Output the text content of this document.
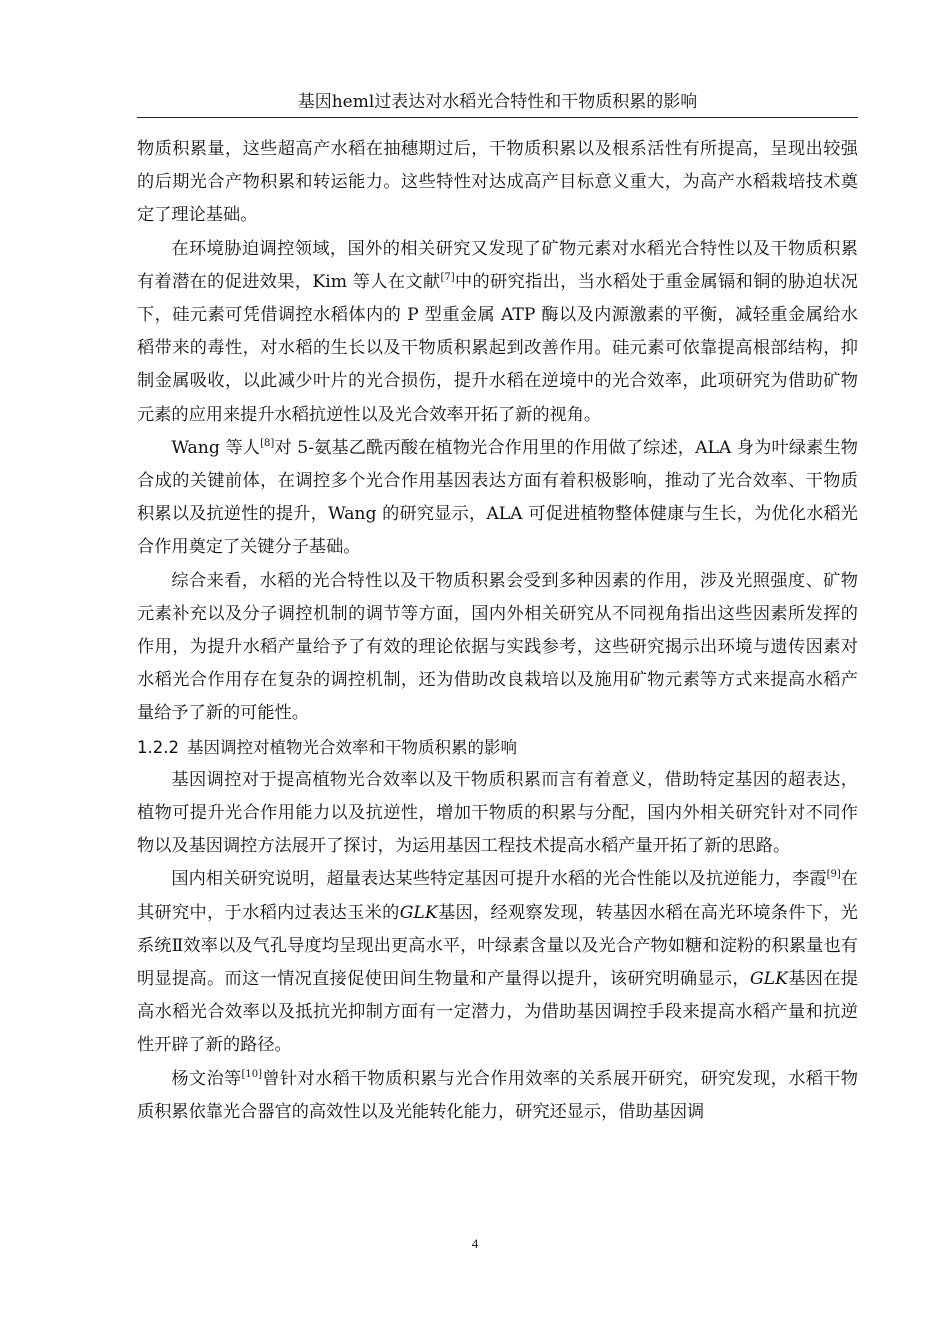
基因heml过表达对水稻光合特性和干物质积累的影响

物质积累量，这些超高产水稻在抽穗期过后，干物质积累以及根系活性有所提高，呈现出较强的后期光合产物积累和转运能力。这些特性对达成高产目标意义重大，为高产水稻栽培技术奠定了理论基础。

在环境胁迫调控领域，国外的相关研究又发现了矿物元素对水稻光合特性以及干物质积累有着潜在的促进效果，Kim 等人在文献[7]中的研究指出，当水稻处于重金属镉和铜的胁迫状况下，硅元素可凭借调控水稻体内的 P 型重金属 ATP 酶以及内源激素的平衡，减轻重金属给水稻带来的毒性，对水稻的生长以及干物质积累起到改善作用。硅元素可依靠提高根部结构，抑制金属吸收，以此减少叶片的光合损伤，提升水稻在逆境中的光合效率，此项研究为借助矿物元素的应用来提升水稻抗逆性以及光合效率开拓了新的视角。

Wang 等人[8]对 5-氨基乙酰丙酸在植物光合作用里的作用做了综述，ALA 身为叶绿素生物合成的关键前体，在调控多个光合作用基因表达方面有着积极影响，推动了光合效率、干物质积累以及抗逆性的提升，Wang 的研究显示，ALA 可促进植物整体健康与生长，为优化水稻光合作用奠定了关键分子基础。

综合来看，水稻的光合特性以及干物质积累会受到多种因素的作用，涉及光照强度、矿物元素补充以及分子调控机制的调节等方面，国内外相关研究从不同视角指出这些因素所发挥的作用，为提升水稻产量给予了有效的理论依据与实践参考，这些研究揭示出环境与遗传因素对水稻光合作用存在复杂的调控机制，还为借助改良栽培以及施用矿物元素等方式来提高水稻产量给予了新的可能性。

1.2.2 基因调控对植物光合效率和干物质积累的影响

基因调控对于提高植物光合效率以及干物质积累而言有着意义，借助特定基因的超表达，植物可提升光合作用能力以及抗逆性，增加干物质的积累与分配，国内外相关研究针对不同作物以及基因调控方法展开了探讨，为运用基因工程技术提高水稻产量开拓了新的思路。

国内相关研究说明，超量表达某些特定基因可提升水稻的光合性能以及抗逆能力，李霞[9]在其研究中，于水稻内过表达玉米的GLK基因，经观察发现，转基因水稻在高光环境条件下，光系统Ⅱ效率以及气孔导度均呈现出更高水平，叶绿素含量以及光合产物如糖和淀粉的积累量也有明显提高。而这一情况直接促使田间生物量和产量得以提升，该研究明确显示，GLK基因在提高水稻光合效率以及抵抗光抑制方面有一定潜力，为借助基因调控手段来提高水稻产量和抗逆性开辟了新的路径。

杨文治等[10]曾针对水稻干物质积累与光合作用效率的关系展开研究，研究发现，水稻干物质积累依靠光合器官的高效性以及光能转化能力，研究还显示，借助基因调

4
